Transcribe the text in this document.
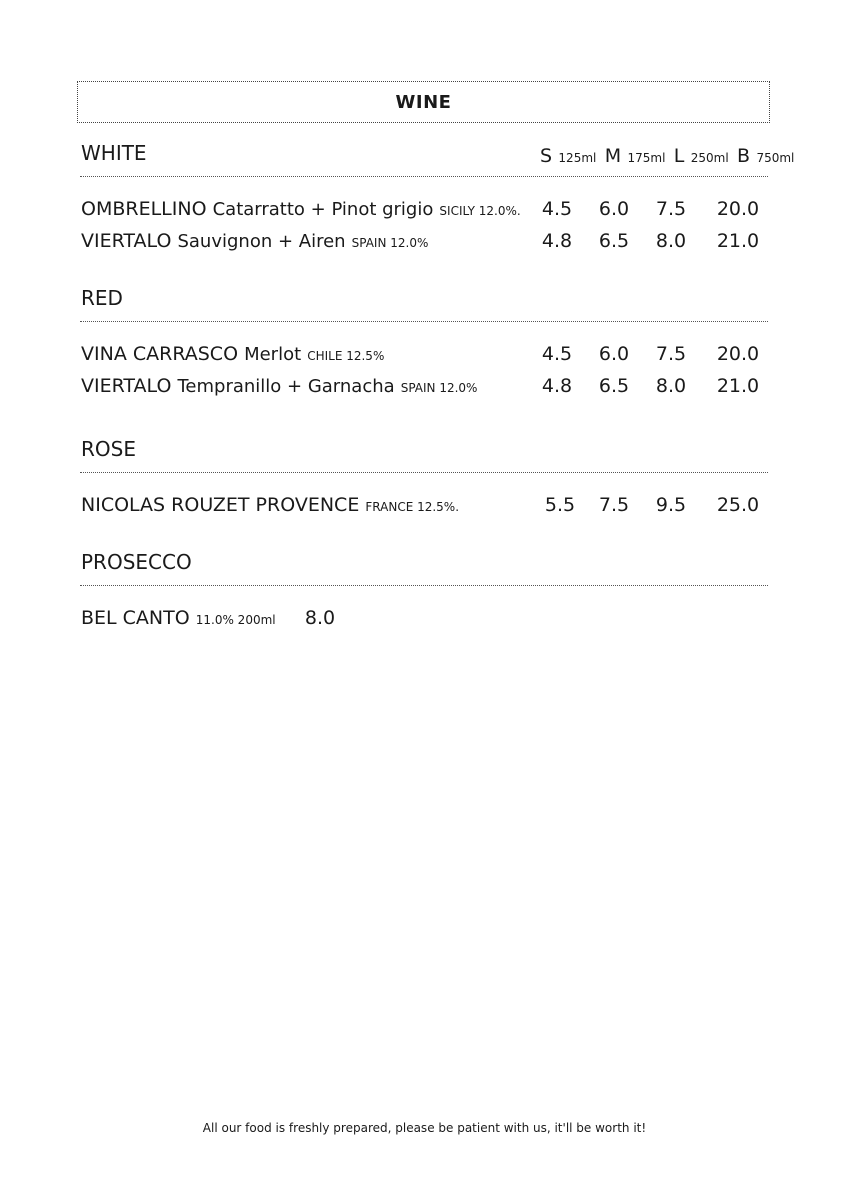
WINE
WHITE	S 125ml M 175ml L 250ml B 750ml
OMBRELLINO Catarratto + Pinot grigio SICILY 12.0%.	4.5	6.0	7.5	20.0
VIERTALO Sauvignon + Airen SPAIN 12.0%	4.8	6.5	8.0	21.0
RED
VINA CARRASCO Merlot CHILE 12.5%	4.5	6.0	7.5	20.0
VIERTALO Tempranillo + Garnacha SPAIN 12.0%	4.8	6.5	8.0	21.0
ROSE
NICOLAS ROUZET PROVENCE FRANCE 12.5%.	5.5	7.5	9.5	25.0
PROSECCO
BEL CANTO 11.0% 200ml	8.0
All our food is freshly prepared, please be patient with us, it'll be worth it!
